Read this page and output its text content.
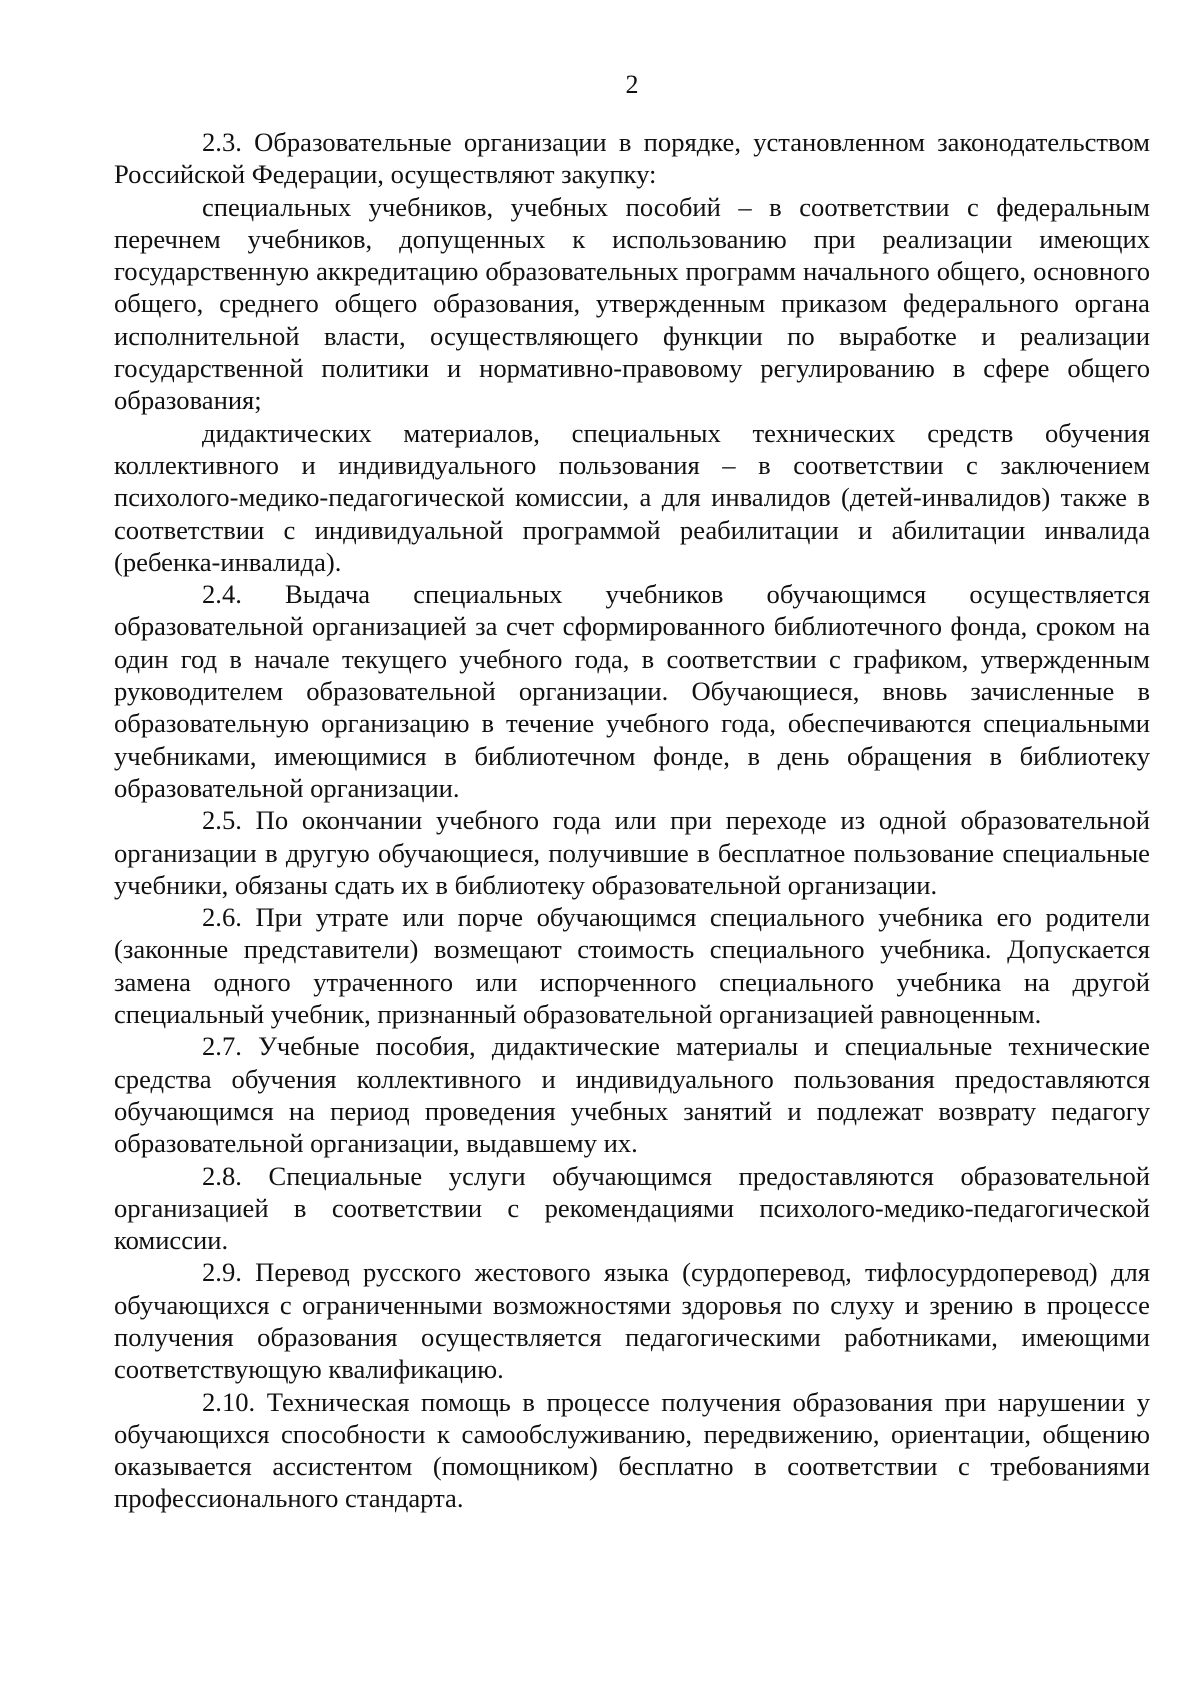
2

2.3. Образовательные организации в порядке, установленном законодательством Российской Федерации, осуществляют закупку:

специальных учебников, учебных пособий – в соответствии с федеральным перечнем учебников, допущенных к использованию при реализации имеющих государственную аккредитацию образовательных программ начального общего, основного общего, среднего общего образования, утвержденным приказом федерального органа исполнительной власти, осуществляющего функции по выработке и реализации государственной политики и нормативно-правовому регулированию в сфере общего образования;

дидактических материалов, специальных технических средств обучения коллективного и индивидуального пользования – в соответствии с заключением психолого-медико-педагогической комиссии, а для инвалидов (детей-инвалидов) также в соответствии с индивидуальной программой реабилитации и абилитации инвалида (ребенка-инвалида).

2.4. Выдача специальных учебников обучающимся осуществляется образовательной организацией за счет сформированного библиотечного фонда, сроком на один год в начале текущего учебного года, в соответствии с графиком, утвержденным руководителем образовательной организации. Обучающиеся, вновь зачисленные в образовательную организацию в течение учебного года, обеспечиваются специальными учебниками, имеющимися в библиотечном фонде, в день обращения в библиотеку образовательной организации.

2.5. По окончании учебного года или при переходе из одной образовательной организации в другую обучающиеся, получившие в бесплатное пользование специальные учебники, обязаны сдать их в библиотеку образовательной организации.

2.6. При утрате или порче обучающимся специального учебника его родители (законные представители) возмещают стоимость специального учебника. Допускается замена одного утраченного или испорченного специального учебника на другой специальный учебник, признанный образовательной организацией равноценным.

2.7. Учебные пособия, дидактические материалы и специальные технические средства обучения коллективного и индивидуального пользования предоставляются обучающимся на период проведения учебных занятий и подлежат возврату педагогу образовательной организации, выдавшему их.

2.8. Специальные услуги обучающимся предоставляются образовательной организацией в соответствии с рекомендациями психолого-медико-педагогической комиссии.

2.9. Перевод русского жестового языка (сурдоперевод, тифлосурдоперевод) для обучающихся с ограниченными возможностями здоровья по слуху и зрению в процессе получения образования осуществляется педагогическими работниками, имеющими соответствующую квалификацию.

2.10. Техническая помощь в процессе получения образования при нарушении у обучающихся способности к самообслуживанию, передвижению, ориентации, общению оказывается ассистентом (помощником) бесплатно в соответствии с требованиями профессионального стандарта.
